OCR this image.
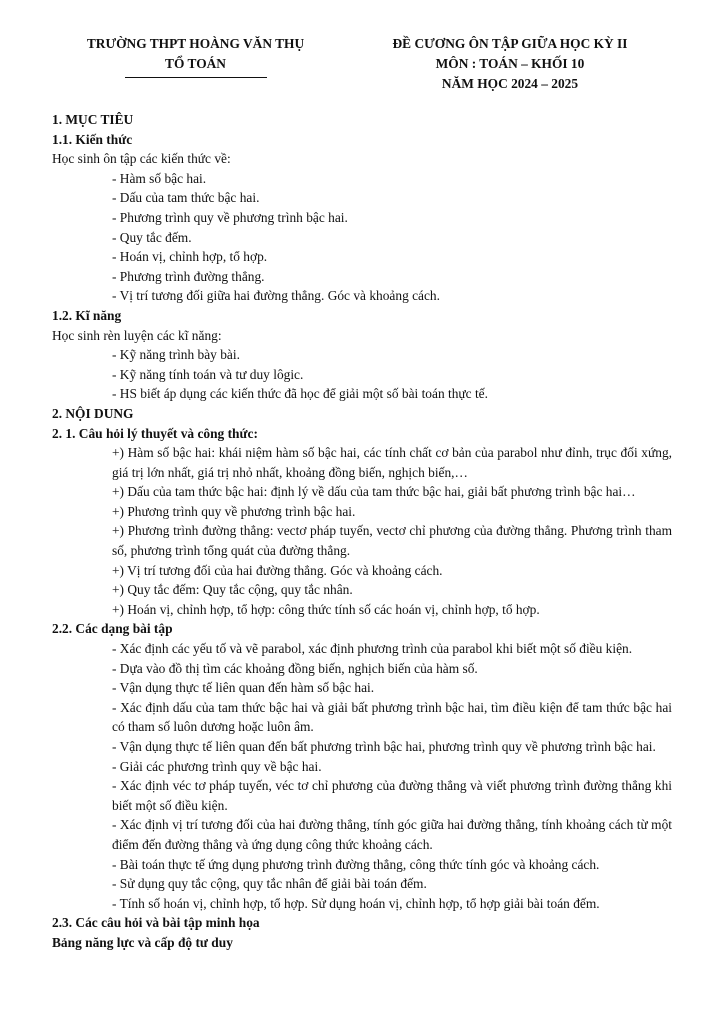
TRƯỜNG THPT HOÀNG VĂN THỤ
TỔ TOÁN
ĐỀ CƯƠNG ÔN TẬP GIỮA HỌC KỲ II
MÔN : TOÁN – KHỐI 10
NĂM HỌC 2024 – 2025
1. MỤC TIÊU
1.1. Kiến thức
Học sinh ôn tập các kiến thức về:
- Hàm số bậc hai.
- Dấu của tam thức bậc hai.
- Phương trình quy về phương trình bậc hai.
- Quy tắc đếm.
- Hoán vị, chỉnh hợp, tổ hợp.
- Phương trình đường thẳng.
- Vị trí tương đối giữa hai đường thẳng. Góc và khoảng cách.
1.2. Kĩ năng
Học sinh rèn luyện các kĩ năng:
- Kỹ năng trình bày bài.
- Kỹ năng tính toán và tư duy lôgic.
- HS biết áp dụng các kiến thức đã học để giải một số bài toán thực tế.
2. NỘI DUNG
2. 1. Câu hỏi lý thuyết và công thức:
+) Hàm số bậc hai: khái niệm hàm số bậc hai, các tính chất cơ bản của parabol như đỉnh, trục đối xứng, giá trị lớn nhất, giá trị nhỏ nhất, khoảng đồng biến, nghịch biến,…
+) Dấu của tam thức bậc hai: định lý về dấu của tam thức bậc hai, giải bất phương trình bậc hai…
+) Phương trình quy về phương trình bậc hai.
+) Phương trình đường thẳng: vectơ pháp tuyến, vectơ chỉ phương của đường thẳng. Phương trình tham số, phương trình tổng quát của đường thẳng.
+) Vị trí tương đối của hai đường thẳng. Góc và khoảng cách.
+) Quy tắc đếm: Quy tắc cộng, quy tắc nhân.
+) Hoán vị, chỉnh hợp, tổ hợp: công thức tính số các hoán vị, chỉnh hợp, tổ hợp.
2.2. Các dạng bài tập
- Xác định các yếu tố và vẽ parabol, xác định phương trình của parabol khi biết một số điều kiện.
- Dựa vào đồ thị tìm các khoảng đồng biến, nghịch biến của hàm số.
- Vận dụng thực tế liên quan đến hàm số bậc hai.
- Xác định dấu của tam thức bậc hai và giải bất phương trình bậc hai, tìm điều kiện để tam thức bậc hai có tham số luôn dương hoặc luôn âm.
- Vận dụng thực tế liên quan đến bất phương trình bậc hai, phương trình quy về phương trình bậc hai.
- Giải các phương trình quy về bậc hai.
- Xác định véc tơ pháp tuyến, véc tơ chỉ phương của đường thẳng và viết phương trình đường thẳng khi biết một số điều kiện.
- Xác định vị trí tương đối của hai đường thẳng, tính góc giữa hai đường thẳng, tính khoảng cách từ một điểm đến đường thẳng và ứng dụng công thức khoảng cách.
- Bài toán thực tế ứng dụng phương trình đường thẳng, công thức tính góc và khoảng cách.
- Sử dụng quy tắc cộng, quy tắc nhân để giải bài toán đếm.
- Tính số hoán vị, chỉnh hợp, tổ hợp. Sử dụng hoán vị, chỉnh hợp, tổ hợp giải bài toán đếm.
2.3. Các câu hỏi và bài tập minh họa
Bảng năng lực và cấp độ tư duy
